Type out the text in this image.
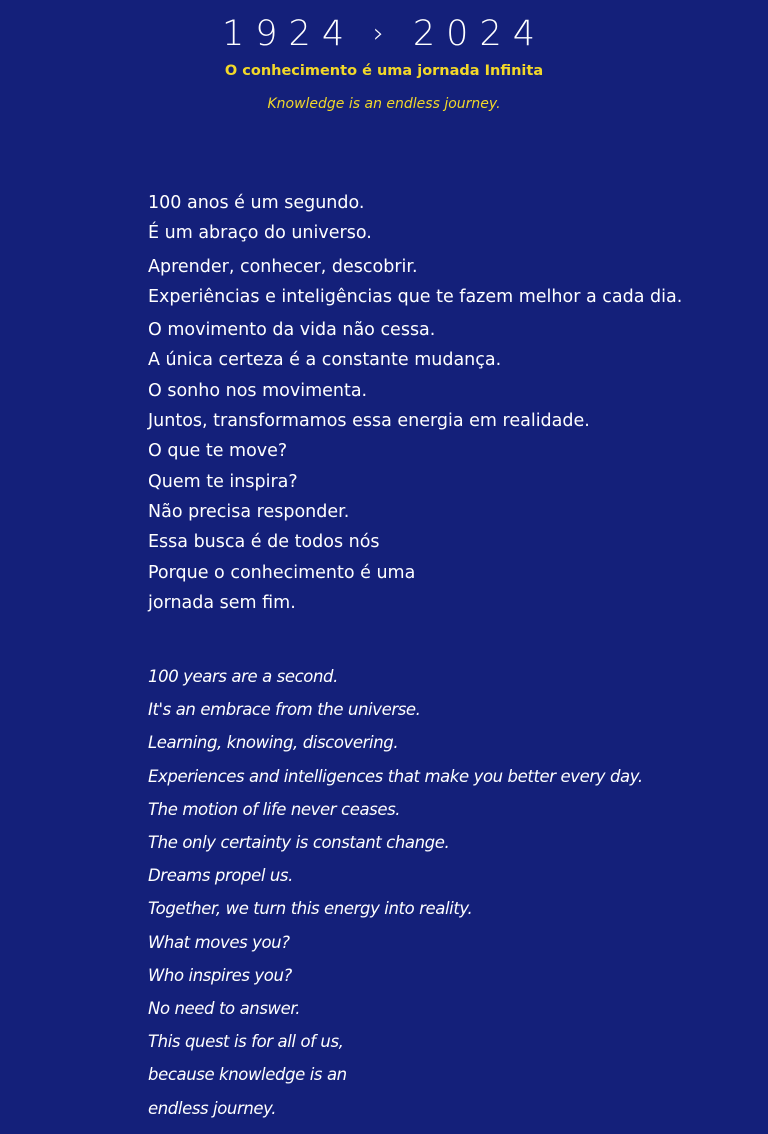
1924 › 2024
O conhecimento é uma jornada Infinita
Knowledge is an endless journey.
100 anos é um segundo.
É um abraço do universo.
Aprender, conhecer, descobrir.
Experiências e inteligências que te fazem melhor a cada dia.
O movimento da vida não cessa.
A única certeza é a constante mudança.
O sonho nos movimenta.
Juntos, transformamos essa energia em realidade.
O que te move?
Quem te inspira?
Não precisa responder.
Essa busca é de todos nós
Porque o conhecimento é uma
jornada sem fim.
100 years are a second.
It's an embrace from the universe.
Learning, knowing, discovering.
Experiences and intelligences that make you better every day.
The motion of life never ceases.
The only certainty is constant change.
Dreams propel us.
Together, we turn this energy into reality.
What moves you?
Who inspires you?
No need to answer.
This quest is for all of us,
because knowledge is an
endless journey.
